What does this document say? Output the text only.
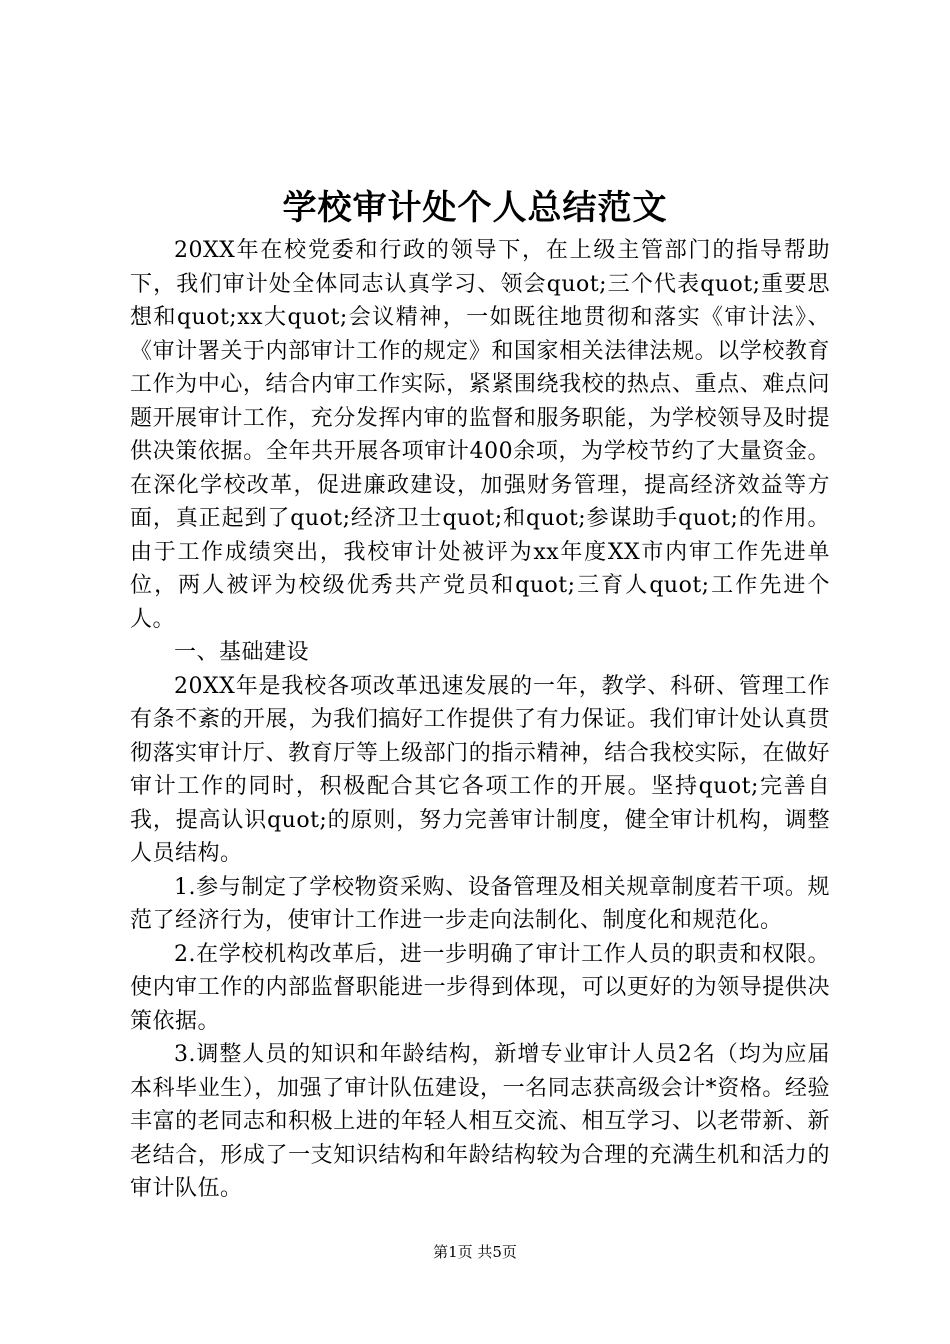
学校审计处个人总结范文

20XX年在校党委和行政的领导下，在上级主管部门的指导帮助下，我们审计处全体同志认真学习、领会quot;三个代表quot;重要思想和quot;xx大quot;会议精神，一如既往地贯彻和落实《审计法》、《审计署关于内部审计工作的规定》和国家相关法律法规。以学校教育工作为中心，结合内审工作实际，紧紧围绕我校的热点、重点、难点问题开展审计工作，充分发挥内审的监督和服务职能，为学校领导及时提供决策依据。全年共开展各项审计400余项，为学校节约了大量资金。在深化学校改革，促进廉政建设，加强财务管理，提高经济效益等方面，真正起到了quot;经济卫士quot;和quot;参谋助手quot;的作用。由于工作成绩突出，我校审计处被评为xx年度XX市内审工作先进单位，两人被评为校级优秀共产党员和quot;三育人quot;工作先进个人。

一、基础建设

20XX年是我校各项改革迅速发展的一年，教学、科研、管理工作有条不紊的开展，为我们搞好工作提供了有力保证。我们审计处认真贯彻落实审计厅、教育厅等上级部门的指示精神，结合我校实际，在做好审计工作的同时，积极配合其它各项工作的开展。坚持quot;完善自我，提高认识quot;的原则，努力完善审计制度，健全审计机构，调整人员结构。

1.参与制定了学校物资采购、设备管理及相关规章制度若干项。规范了经济行为，使审计工作进一步走向法制化、制度化和规范化。

2.在学校机构改革后，进一步明确了审计工作人员的职责和权限。使内审工作的内部监督职能进一步得到体现，可以更好的为领导提供决策依据。

3.调整人员的知识和年龄结构，新增专业审计人员2名（均为应届本科毕业生），加强了审计队伍建设，一名同志获高级会计*资格。经验丰富的老同志和积极上进的年轻人相互交流、相互学习、以老带新、新老结合，形成了一支知识结构和年龄结构较为合理的充满生机和活力的审计队伍。

第1页 共5页
